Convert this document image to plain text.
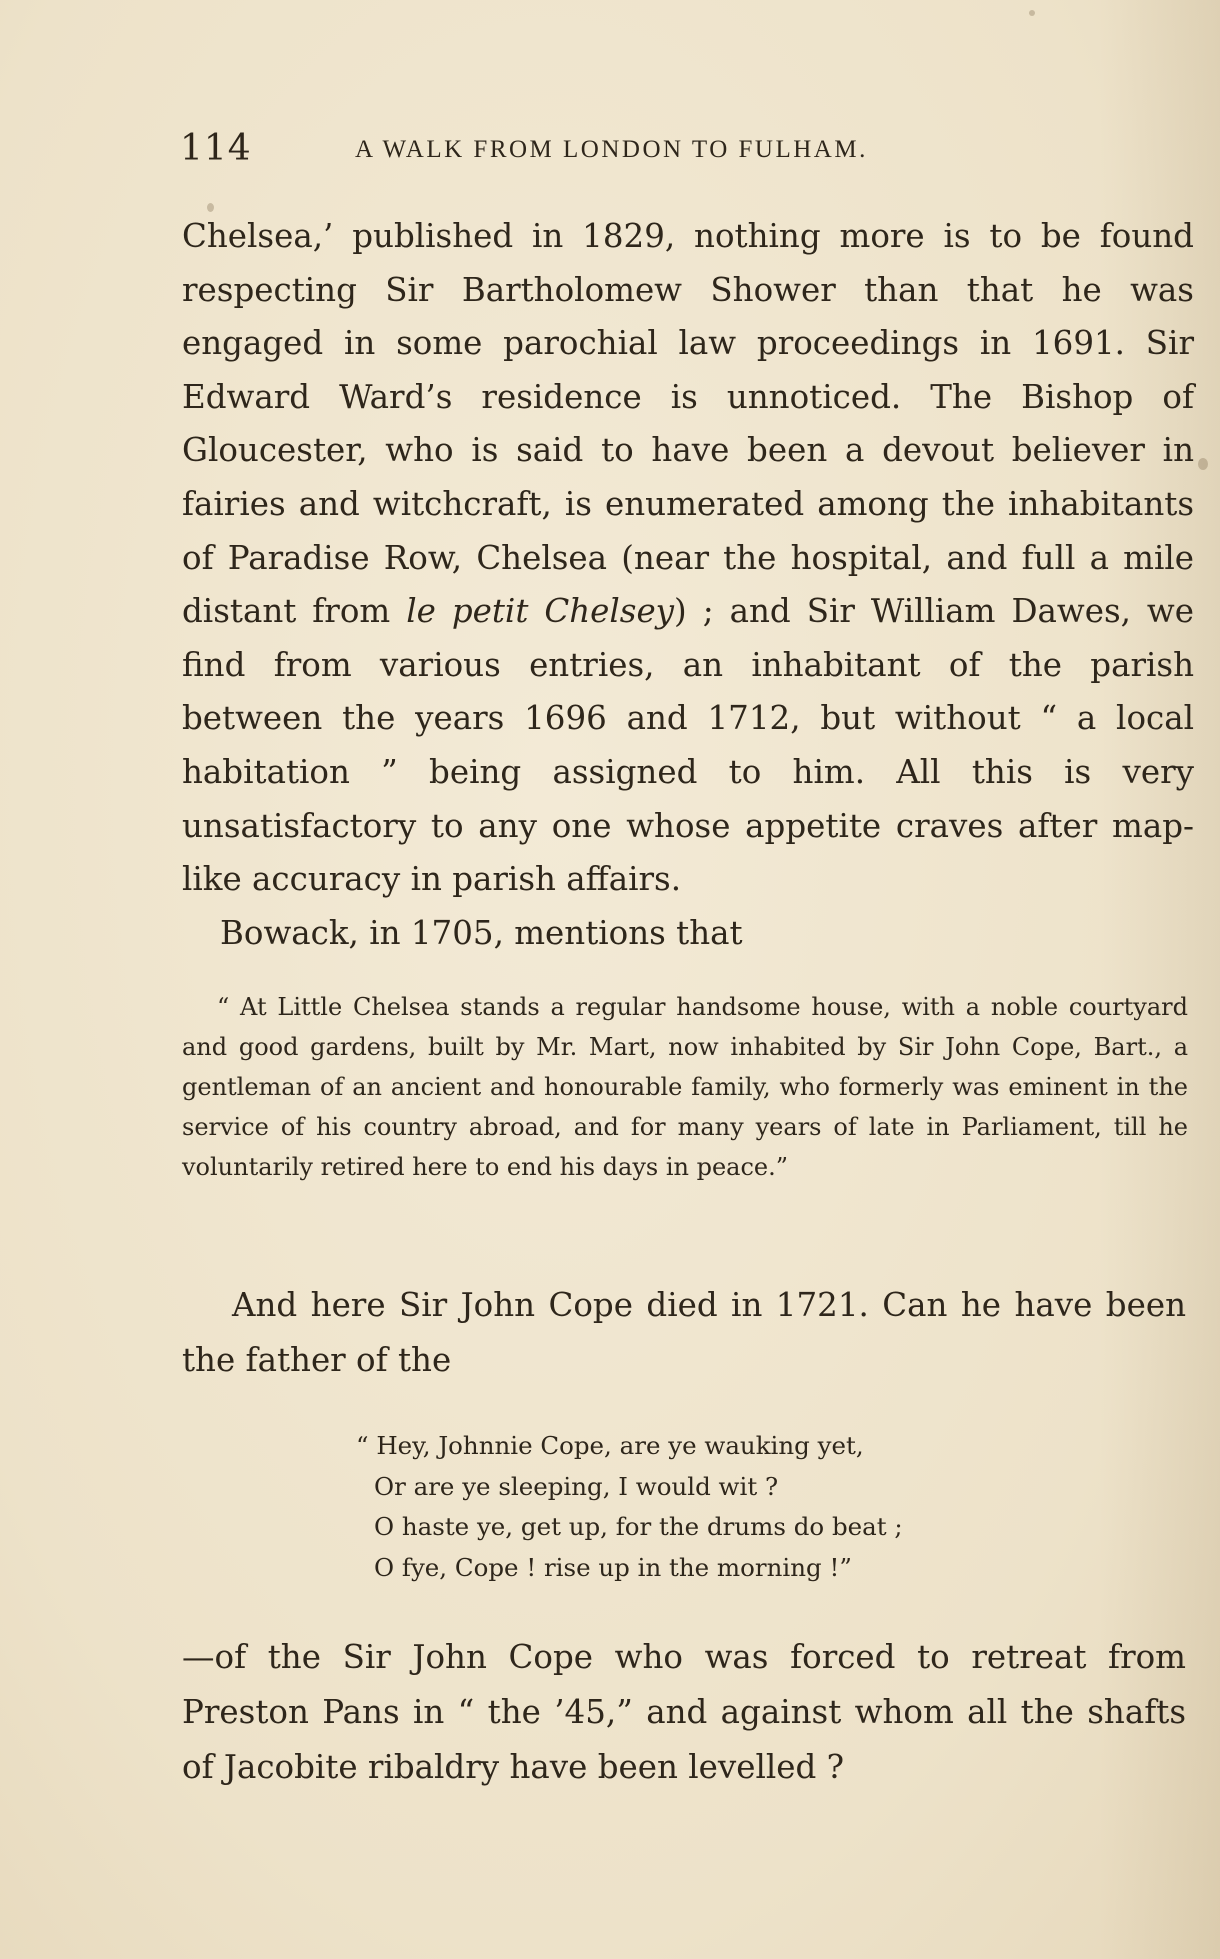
114	A WALK FROM LONDON TO FULHAM.

Chelsea,’ published in 1829, nothing more is to be found respecting Sir Bartholomew Shower than that he was engaged in some parochial law proceedings in 1691. Sir Edward Ward’s residence is unnoticed. The Bishop of Gloucester, who is said to have been a devout believer in fairies and witchcraft, is enumerated among the inhabitants of Paradise Row, Chelsea (near the hospital, and full a mile distant from le petit Chelsey) ; and Sir William Dawes, we find from various entries, an inhabitant of the parish between the years 1696 and 1712, but without “ a local habitation ” being assigned to him. All this is very unsatisfactory to any one whose appetite craves after map-like accuracy in parish affairs.

Bowack, in 1705, mentions that

“ At Little Chelsea stands a regular handsome house, with a noble courtyard and good gardens, built by Mr. Mart, now inhabited by Sir John Cope, Bart., a gentleman of an ancient and honourable family, who formerly was eminent in the service of his country abroad, and for many years of late in Parliament, till he voluntarily retired here to end his days in peace.”

And here Sir John Cope died in 1721. Can he have been the father of the

“ Hey, Johnnie Cope, are ye wauking yet,
Or are ye sleeping, I would wit ?
O haste ye, get up, for the drums do beat ;
O fye, Cope ! rise up in the morning !”

—of the Sir John Cope who was forced to retreat from Preston Pans in “ the ’45,” and against whom all the shafts of Jacobite ribaldry have been levelled ?
